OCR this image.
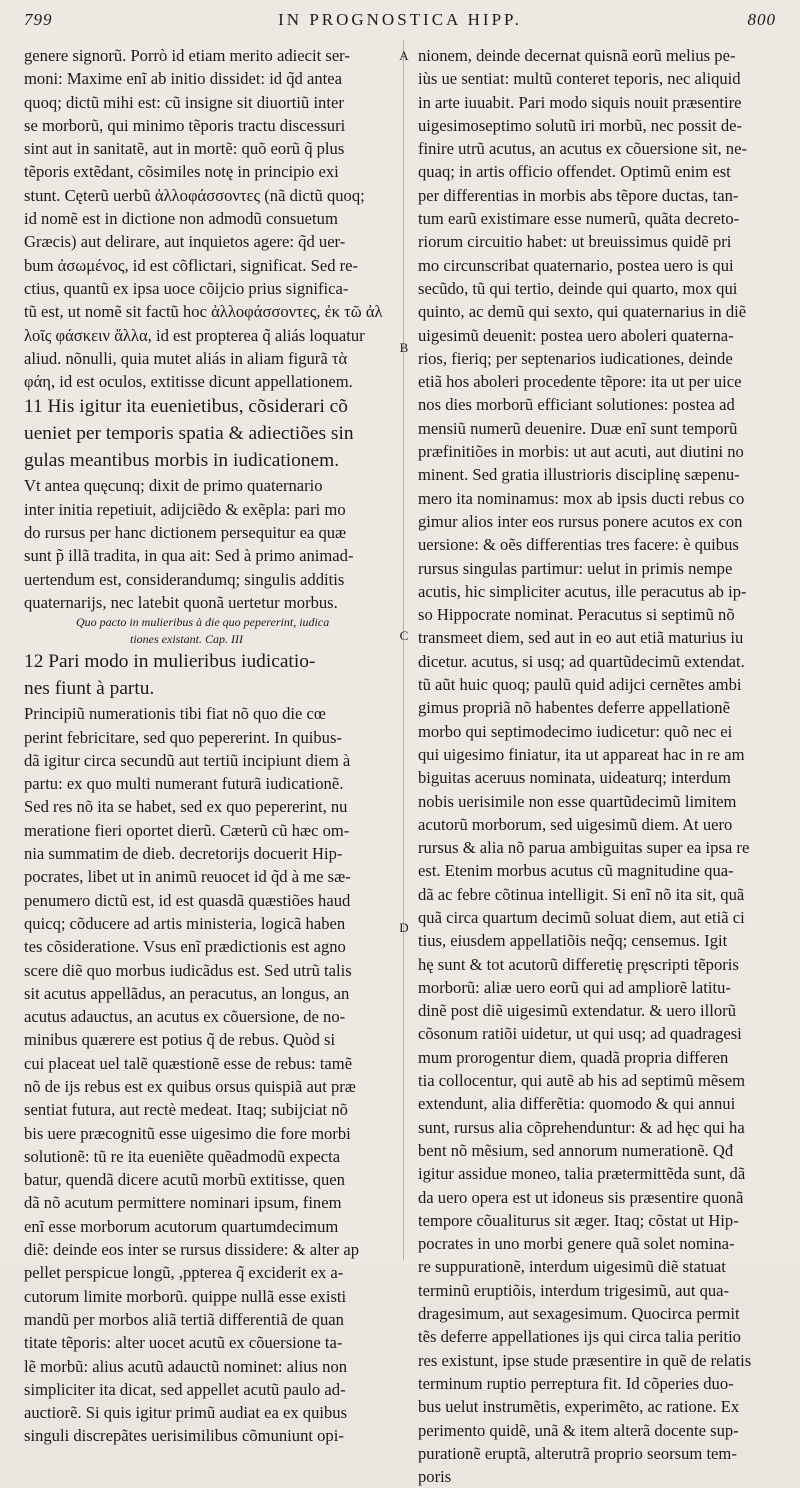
799	IN PROGNOSTICA HIPP.	800
A
B
C
D
genere signorũ. Porrò id etiam merito adiecit ser-
moni: Maxime enĩ ab initio dissidet: id q̃d antea
quoq; dictũ mihi est: cũ insigne sit diuortiũ inter
se morborũ, qui minimo tẽporis tractu discessuri
sint aut in sanitatẽ, aut in mortẽ: quõ eorũ q̃ plus
tẽporis extẽdant, cõsimiles notę in principio exi
stunt. Cęterũ uerbũ ἀλλοφάσσοντες (nã dictũ quoq;
id nomẽ est in dictione non admodũ consuetum
Græcis) aut delirare, aut inquietos agere: q̃d uer-
bum ἀσωμένος, id est cõflictari, significat. Sed re-
ctius, quantũ ex ipsa uoce cõijcio prius significa-
tũ est, ut nomẽ sit factũ hoc ἀλλοφάσσοντες, ἐκ τῶ ἀλ
λοῖς φάσκειν ἄλλα, id est propterea q̃ aliás loquatur
aliud. nõnulli, quia mutet aliás in aliam figurã τὰ
φάη, id est oculos, extitisse dicunt appellationem.
11 His igitur ita euenietibus, cõsiderari cõ
ueniet per temporis spatia & adiectiões sin
gulas meantibus morbis in iudicationem.
Vt antea quęcunq; dixit de primo quaternario
inter initia repetiuit, adijciẽdo & exẽpla: pari mo
do rursus per hanc dictionem persequitur ea quæ
sunt p̃ illã tradita, in qua ait: Sed à primo animad-
uertendum est, considerandumq; singulis additis
quaternarijs, nec latebit quonã uertetur morbus.
Quo pacto in mulieribus à die quo pepererint, iudica
tiones existant. Cap. III
12 Pari modo in mulieribus iudicatio-
nes fiunt à partu.
Principiũ numerationis tibi fiat nõ quo die cœ
perint febricitare, sed quo pepererint. In quibus-
dã igitur circa secundũ aut tertiũ incipiunt diem à
partu: ex quo multi numerant futurã iudicationẽ.
Sed res nõ ita se habet, sed ex quo pepererint, nu
meratione fieri oportet dierũ. Cæterũ cũ hæc om-
nia summatim de dieb. decretorijs docuerit Hip-
pocrates, libet ut in animũ reuocet id q̃d à me sæ-
penumero dictũ est, id est quasdã quæstiões haud
quicq; cõducere ad artis ministeria, logicã haben
tes cõsideratione. Vsus enĩ prædictionis est agno
scere diẽ quo morbus iudicãdus est. Sed utrũ talis
sit acutus appellãdus, an peracutus, an longus, an
acutus adauctus, an acutus ex cõuersione, de no-
minibus quærere est potius q̃ de rebus. Quòd si
cui placeat uel talẽ quæstionẽ esse de rebus: tamẽ
nõ de ijs rebus est ex quibus orsus quispiã aut præ
sentiat futura, aut rectè medeat. Itaq; subijciat nõ
bis uere præcognitũ esse uigesimo die fore morbi
solutionẽ: tũ re ita eueniẽte quẽadmodũ expecta
batur, quendã dicere acutũ morbũ extitisse, quen
dã nõ acutum permittere nominari ipsum, finem
enĩ esse morborum acutorum quartumdecimum
diẽ: deinde eos inter se rursus dissidere: & alter ap
pellet perspicue longũ, ,ppterea q̃ exciderit ex a-
cutorum limite morborũ. quippe nullã esse existi
mandũ per morbos aliã tertiã differentiã de quan
titate tẽporis: alter uocet acutũ ex cõuersione ta-
lẽ morbũ: alius acutũ adauctũ nominet: alius non
simpliciter ita dicat, sed appellet acutũ paulo ad-
auctiorẽ. Si quis igitur primũ audiat ea ex quibus
singuli discrepãtes uerisimilibus cõmuniunt opi-
nionem, deinde decernat quisnã eorũ melius pe-
iùs ue sentiat: multũ conteret teporis, nec aliquid
in arte iuuabit. Pari modo siquis nouit præsentire
uigesimoseptimo solutũ iri morbũ, nec possit de-
finire utrũ acutus, an acutus ex cõuersione sit, ne-
quaq; in artis officio offendet. Optimũ enim est
per differentias in morbis abs tẽpore ductas, tan-
tum earũ existimare esse numerũ, quãta decreto-
riorum circuitio habet: ut breuissimus quidẽ pri
mo circunscribat quaternario, postea uero is qui
secũdo, tũ qui tertio, deinde qui quarto, mox qui
quinto, ac demũ qui sexto, qui quaternarius in diẽ
uigesimũ deuenit: postea uero aboleri quaterna-
rios, fieriq; per septenarios iudicationes, deinde
etiã hos aboleri procedente tẽpore: ita ut per uice
nos dies morborũ efficiant solutiones: postea ad
mensiũ numerũ deuenire. Duæ enĩ sunt temporũ
præfinitiões in morbis: ut aut acuti, aut diutini no
minent. Sed gratia illustrioris disciplinę sæpenu-
mero ita nominamus: mox ab ipsis ducti rebus co
gimur alios inter eos rursus ponere acutos ex con
uersione: & oẽs differentias tres facere: è quibus
rursus singulas partimur: uelut in primis nempe
acutis, hic simpliciter acutus, ille peracutus ab ip-
so Hippocrate nominat. Peracutus si septimũ nõ
transmeet diem, sed aut in eo aut etiã maturius iu
dicetur. acutus, si usq; ad quartũdecimũ extendat.
tũ aũt huic quoq; paulũ quid adijci cernẽtes ambi
gimus propriã nõ habentes deferre appellationẽ
morbo qui septimodecimo iudicetur: quõ nec ei
qui uigesimo finiatur, ita ut appareat hac in re am
biguitas aceruus nominata, uideaturq; interdum
nobis uerisimile non esse quartũdecimũ limitem
acutorũ morborum, sed uigesimũ diem. At uero
rursus & alia nõ parua ambiguitas super ea ipsa re
est. Etenim morbus acutus cũ magnitudine qua-
dã ac febre cõtinua intelligit. Si enĩ nõ ita sit, quã
quã circa quartum decimũ soluat diem, aut etiã ci
tius, eiusdem appellatiõis neq̃q; censemus. Igit
hę sunt & tot acutorũ differetię pręscripti tẽporis
morborũ: aliæ uero eorũ qui ad ampliorẽ latitu-
dinẽ post diẽ uigesimũ extendatur. & uero illorũ
cõsonum ratiõi uidetur, ut qui usq; ad quadragesi
mum prorogentur diem, quadã propria differen
tia collocentur, qui autẽ ab his ad septimũ mẽsem
extendunt, alia differẽtia: quomodo & qui annui
sunt, rursus alia cõprehenduntur: & ad hęc qui ha
bent nõ mẽsium, sed annorum numerationẽ. Qđ
igitur assidue moneo, talia prætermittẽda sunt, dã
da uero opera est ut idoneus sis præsentire quonã
tempore cõualiturus sit æger. Itaq; cõstat ut Hip-
pocrates in uno morbi genere quã solet nomina-
re suppurationẽ, interdum uigesimũ diẽ statuat
terminũ eruptiõis, interdum trigesimũ, aut qua-
dragesimum, aut sexagesimum. Quocirca permit
tẽs deferre appellationes ijs qui circa talia peritio
res existunt, ipse stude præsentire in quẽ de relatis
terminum ruptio perreptura fit. Id cõperies duo-
bus uelut instrumẽtis, experimẽto, ac ratione. Ex
perimento quidẽ, unã & item alterã docente sup-
purationẽ eruptã, alterutrã proprio seorsum tem-
poris
